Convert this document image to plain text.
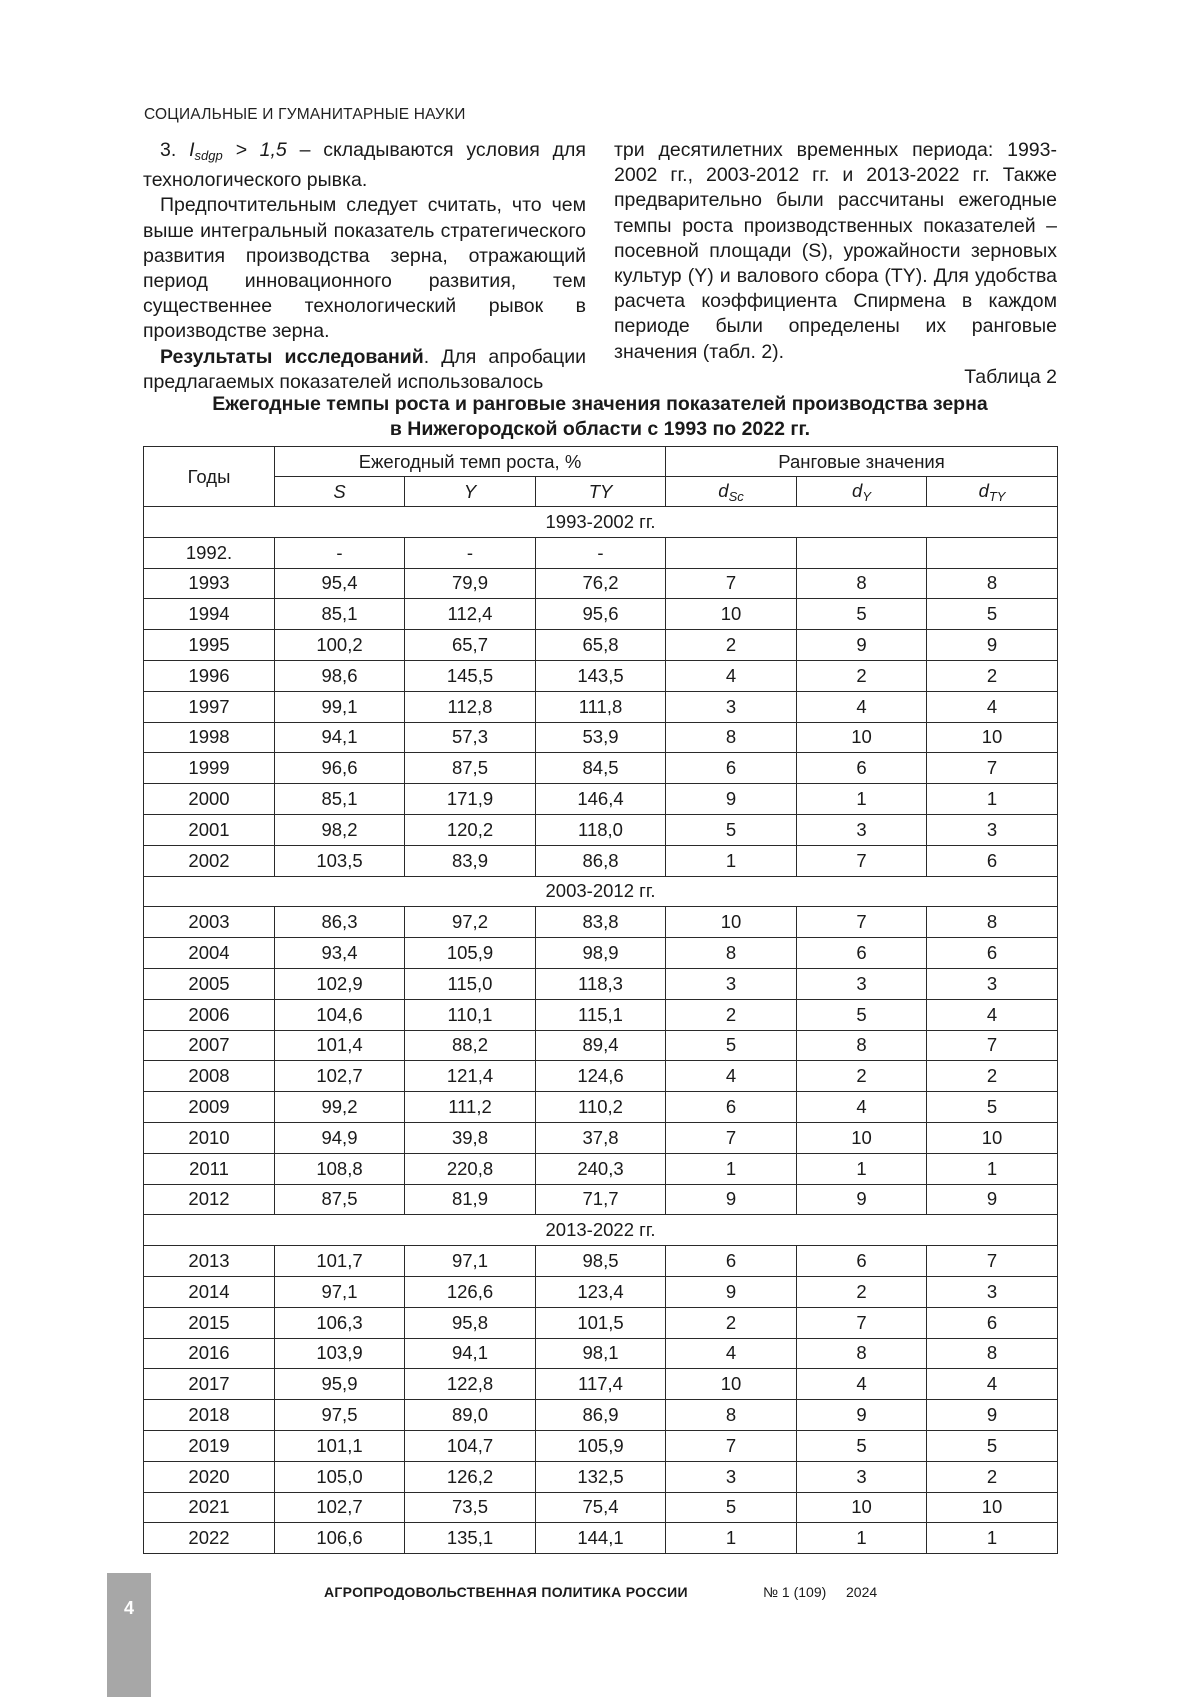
СОЦИАЛЬНЫЕ И ГУМАНИТАРНЫЕ НАУКИ

3. $I_{sdgp} > 1,5$ – складываются условия для технологического рывка.

Предпочтительным следует считать, что чем выше интегральный показатель стратегического развития производства зерна, отражающий период инновационного развития, тем существеннее технологический рывок в производстве зерна.

Результаты исследований. Для апробации предлагаемых показателей использовалось

три десятилетних временных периода: 1993-2002 гг., 2003-2012 гг. и 2013-2022 гг. Также предварительно были рассчитаны ежегодные темпы роста производственных показателей – посевной площади (S), урожайности зерновых культур (Y) и валового сбора (TY). Для удобства расчета коэффициента Спирмена в каждом периоде были определены их ранговые значения (табл. 2).

Таблица 2
Ежегодные темпы роста и ранговые значения показателей производства зерна
в Нижегородской области с 1993 по 2022 гг.
Годы	Ежегодный темп роста, %			Ранговые значения		
	S	Y	TY	$d_{Sc}$	$d_Y$	$d_{TY}$
1993-2002 гг.						
1992.	-	-	-			
1993	95,4	79,9	76,2	7	8	8
1994	85,1	112,4	95,6	10	5	5
1995	100,2	65,7	65,8	2	9	9
1996	98,6	145,5	143,5	4	2	2
1997	99,1	112,8	111,8	3	4	4
1998	94,1	57,3	53,9	8	10	10
1999	96,6	87,5	84,5	6	6	7
2000	85,1	171,9	146,4	9	1	1
2001	98,2	120,2	118,0	5	3	3
2002	103,5	83,9	86,8	1	7	6
2003-2012 гг.						
2003	86,3	97,2	83,8	10	7	8
2004	93,4	105,9	98,9	8	6	6
2005	102,9	115,0	118,3	3	3	3
2006	104,6	110,1	115,1	2	5	4
2007	101,4	88,2	89,4	5	8	7
2008	102,7	121,4	124,6	4	2	2
2009	99,2	111,2	110,2	6	4	5
2010	94,9	39,8	37,8	7	10	10
2011	108,8	220,8	240,3	1	1	1
2012	87,5	81,9	71,7	9	9	9
2013-2022 гг.						
2013	101,7	97,1	98,5	6	6	7
2014	97,1	126,6	123,4	9	2	3
2015	106,3	95,8	101,5	2	7	6
2016	103,9	94,1	98,1	4	8	8
2017	95,9	122,8	117,4	10	4	4
2018	97,5	89,0	86,9	8	9	9
2019	101,1	104,7	105,9	7	5	5
2020	105,0	126,2	132,5	3	3	2
2021	102,7	73,5	75,4	5	10	10
2022	106,6	135,1	144,1	1	1	1
4
АГРОПРОДОВОЛЬСТВЕННАЯ ПОЛИТИКА РОССИИ	№ 1 (109) 2024
